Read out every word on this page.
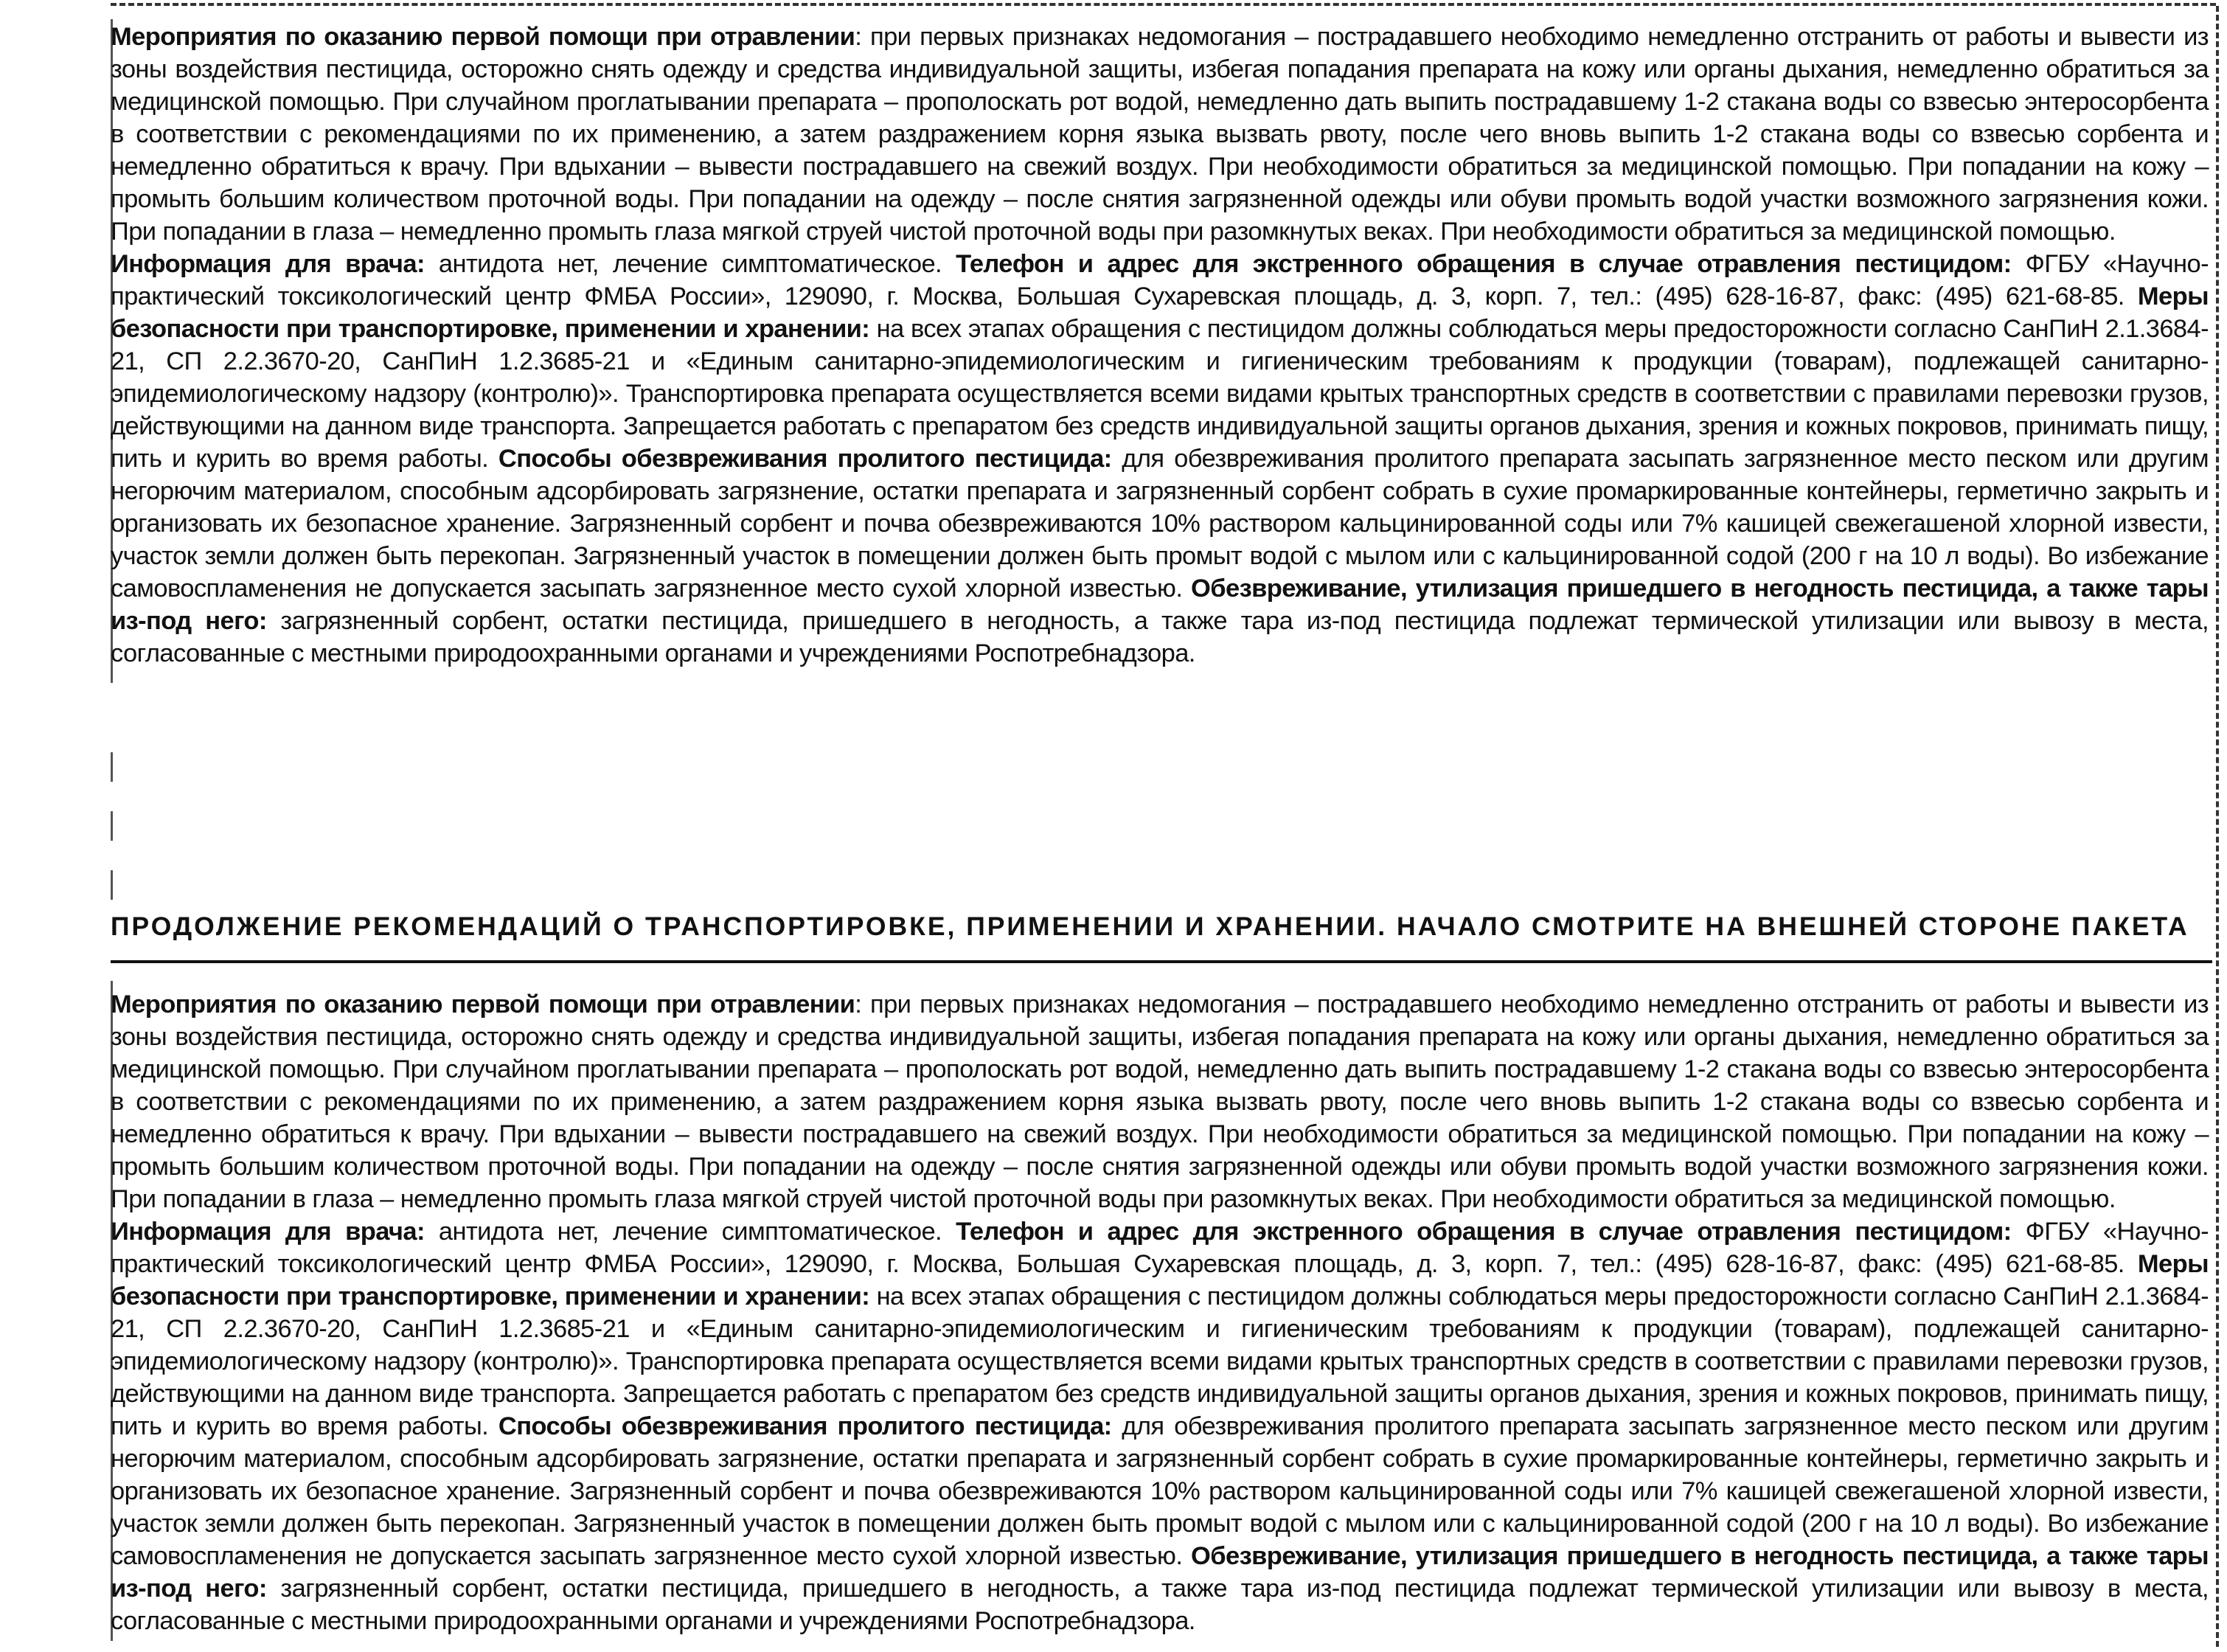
Мероприятия по оказанию первой помощи при отравлении: при первых признаках недомогания – пострадавшего необходимо немедленно отстранить от работы и вывести из зоны воздействия пестицида, осторожно снять одежду и средства индивидуальной защиты, избегая попадания препарата на кожу или органы дыхания, немедленно обратиться за медицинской помощью. При случайном проглатывании препарата – прополоскать рот водой, немедленно дать выпить пострадавшему 1-2 стакана воды со взвесью энтеросорбента в соответствии с рекомендациями по их применению, а затем раздражением корня языка вызвать рвоту, после чего вновь выпить 1-2 стакана воды со взвесью сорбента и немедленно обратиться к врачу. При вдыхании – вывести пострадавшего на свежий воздух. При необходимости обратиться за медицинской помощью. При попадании на кожу – промыть большим количеством проточной воды. При попадании на одежду – после снятия загрязненной одежды или обуви промыть водой участки возможного загрязнения кожи. При попадании в глаза – немедленно промыть глаза мягкой струей чистой проточной воды при разомкнутых веках. При необходимости обратиться за медицинской помощью.
Информация для врача: антидота нет, лечение симптоматическое. Телефон и адрес для экстренного обращения в случае отравления пестицидом: ФГБУ «Научно-практический токсикологический центр ФМБА России», 129090, г. Москва, Большая Сухаревская площадь, д. 3, корп. 7, тел.: (495) 628-16-87, факс: (495) 621-68-85. Меры безопасности при транспортировке, применении и хранении: на всех этапах обращения с пестицидом должны соблюдаться меры предосторожности согласно СанПиН 2.1.3684-21, СП 2.2.3670-20, СанПиН 1.2.3685-21 и «Единым санитарно-эпидемиологическим и гигиеническим требованиям к продукции (товарам), подлежащей санитарно-эпидемиологическому надзору (контролю)». Транспортировка препарата осуществляется всеми видами крытых транспортных средств в соответствии с правилами перевозки грузов, действующими на данном виде транспорта. Запрещается работать с препаратом без средств индивидуальной защиты органов дыхания, зрения и кожных покровов, принимать пищу, пить и курить во время работы. Способы обезвреживания пролитого пестицида: для обезвреживания пролитого препарата засыпать загрязненное место песком или другим негорючим материалом, способным адсорбировать загрязнение, остатки препарата и загрязненный сорбент собрать в сухие промаркированные контейнеры, герметично закрыть и организовать их безопасное хранение. Загрязненный сорбент и почва обезвреживаются 10% раствором кальцинированной соды или 7% кашицей свежегашеной хлорной извести, участок земли должен быть перекопан. Загрязненный участок в помещении должен быть промыт водой с мылом или с кальцинированной содой (200 г на 10 л воды). Во избежание самовоспламенения не допускается засыпать загрязненное место сухой хлорной известью. Обезвреживание, утилизация пришедшего в негодность пестицида, а также тары из-под него: загрязненный сорбент, остатки пестицида, пришедшего в негодность, а также тара из-под пестицида подлежат термической утилизации или вывозу в места, согласованные с местными природоохранными органами и учреждениями Роспотребнадзора.
ПРОДОЛЖЕНИЕ РЕКОМЕНДАЦИЙ О ТРАНСПОРТИРОВКЕ, ПРИМЕНЕНИИ И ХРАНЕНИИ. НАЧАЛО СМОТРИТЕ НА ВНЕШНЕЙ СТОРОНЕ ПАКЕТА
Мероприятия по оказанию первой помощи при отравлении: при первых признаках недомогания – пострадавшего необходимо немедленно отстранить от работы и вывести из зоны воздействия пестицида, осторожно снять одежду и средства индивидуальной защиты, избегая попадания препарата на кожу или органы дыхания, немедленно обратиться за медицинской помощью. При случайном проглатывании препарата – прополоскать рот водой, немедленно дать выпить пострадавшему 1-2 стакана воды со взвесью энтеросорбента в соответствии с рекомендациями по их применению, а затем раздражением корня языка вызвать рвоту, после чего вновь выпить 1-2 стакана воды со взвесью сорбента и немедленно обратиться к врачу. При вдыхании – вывести пострадавшего на свежий воздух. При необходимости обратиться за медицинской помощью. При попадании на кожу – промыть большим количеством проточной воды. При попадании на одежду – после снятия загрязненной одежды или обуви промыть водой участки возможного загрязнения кожи. При попадании в глаза – немедленно промыть глаза мягкой струей чистой проточной воды при разомкнутых веках. При необходимости обратиться за медицинской помощью.
Информация для врача: антидота нет, лечение симптоматическое. Телефон и адрес для экстренного обращения в случае отравления пестицидом: ФГБУ «Научно-практический токсикологический центр ФМБА России», 129090, г. Москва, Большая Сухаревская площадь, д. 3, корп. 7, тел.: (495) 628-16-87, факс: (495) 621-68-85. Меры безопасности при транспортировке, применении и хранении: на всех этапах обращения с пестицидом должны соблюдаться меры предосторожности согласно СанПиН 2.1.3684-21, СП 2.2.3670-20, СанПиН 1.2.3685-21 и «Единым санитарно-эпидемиологическим и гигиеническим требованиям к продукции (товарам), подлежащей санитарно-эпидемиологическому надзору (контролю)». Транспортировка препарата осуществляется всеми видами крытых транспортных средств в соответствии с правилами перевозки грузов, действующими на данном виде транспорта. Запрещается работать с препаратом без средств индивидуальной защиты органов дыхания, зрения и кожных покровов, принимать пищу, пить и курить во время работы. Способы обезвреживания пролитого пестицида: для обезвреживания пролитого препарата засыпать загрязненное место песком или другим негорючим материалом, способным адсорбировать загрязнение, остатки препарата и загрязненный сорбент собрать в сухие промаркированные контейнеры, герметично закрыть и организовать их безопасное хранение. Загрязненный сорбент и почва обезвреживаются 10% раствором кальцинированной соды или 7% кашицей свежегашеной хлорной извести, участок земли должен быть перекопан. Загрязненный участок в помещении должен быть промыт водой с мылом или с кальцинированной содой (200 г на 10 л воды). Во избежание самовоспламенения не допускается засыпать загрязненное место сухой хлорной известью. Обезвреживание, утилизация пришедшего в негодность пестицида, а также тары из-под него: загрязненный сорбент, остатки пестицида, пришедшего в негодность, а также тара из-под пестицида подлежат термической утилизации или вывозу в места, согласованные с местными природоохранными органами и учреждениями Роспотребнадзора.
